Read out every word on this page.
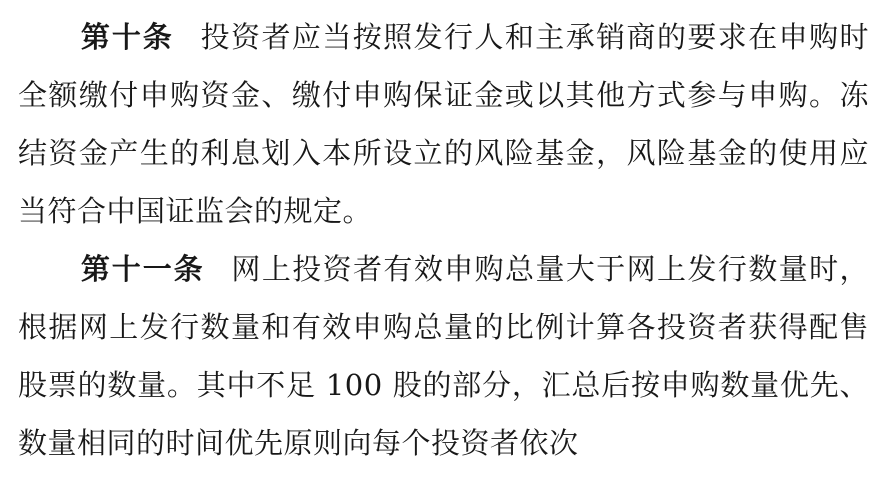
第十条 投资者应当按照发行人和主承销商的要求在申购时全额缴付申购资金、缴付申购保证金或以其他方式参与申购。冻结资金产生的利息划入本所设立的风险基金，风险基金的使用应当符合中国证监会的规定。

第十一条 网上投资者有效申购总量大于网上发行数量时，根据网上发行数量和有效申购总量的比例计算各投资者获得配售股票的数量。其中不足 100 股的部分，汇总后按申购数量优先、数量相同的时间优先原则向每个投资者依次
